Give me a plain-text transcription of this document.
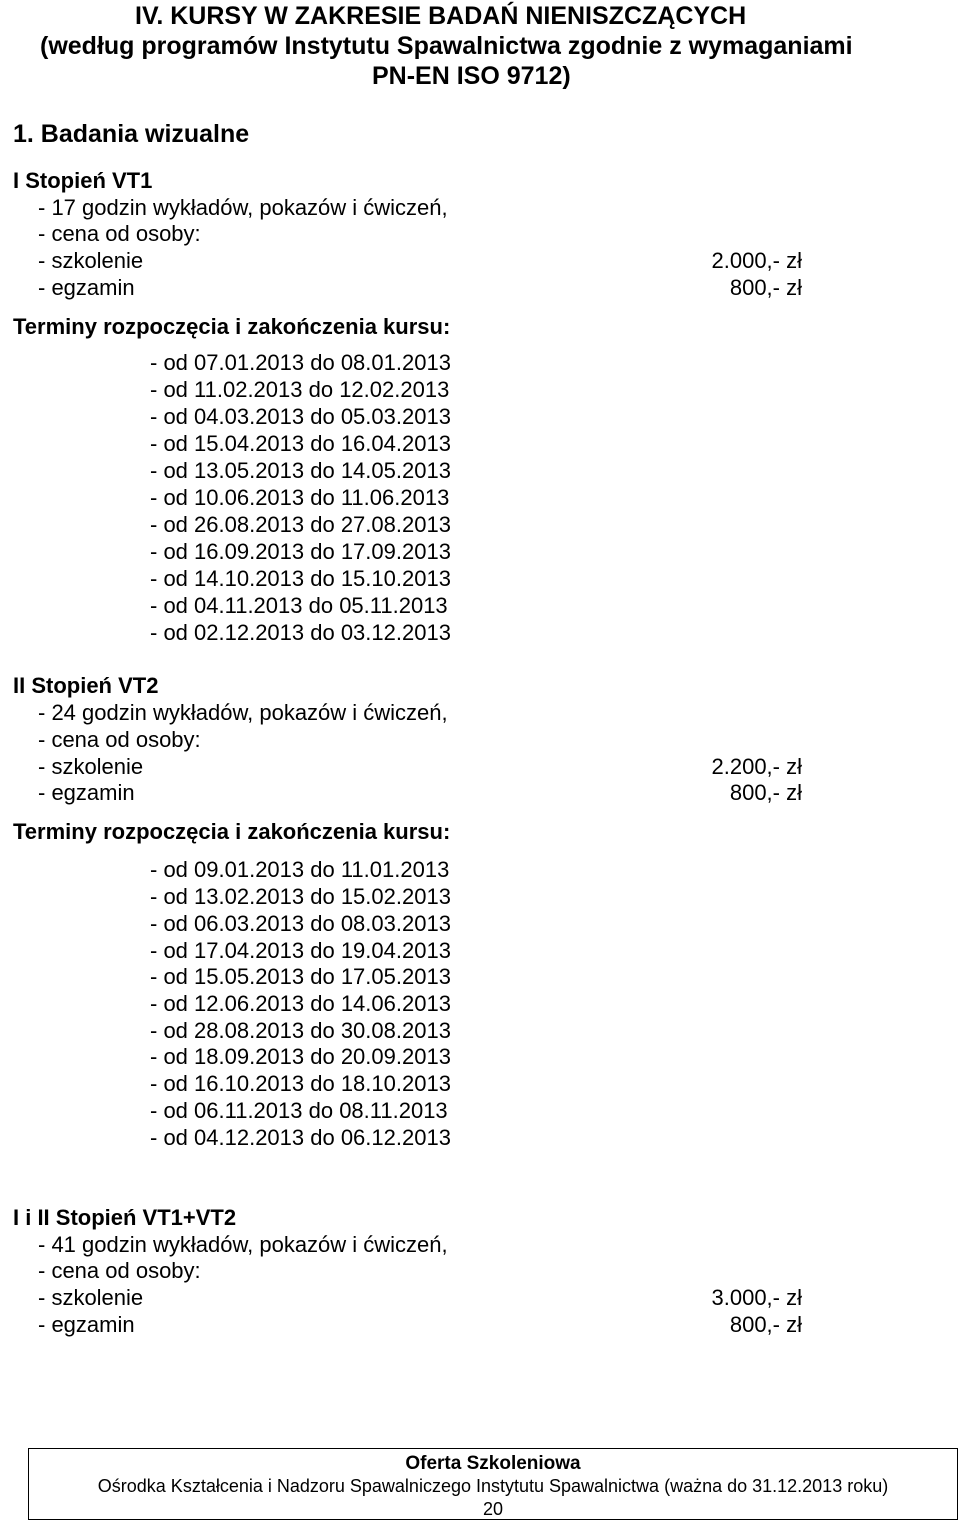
IV. KURSY W ZAKRESIE BADAŃ NIENISZCZĄCYCH
(według programów Instytutu Spawalnictwa zgodnie z wymaganiami
PN-EN ISO 9712)
1. Badania wizualne
I Stopień VT1
- 17 godzin wykładów, pokazów i ćwiczeń,
- cena od osoby:
- szkolenie	2.000,- zł
- egzamin	800,- zł
Terminy rozpoczęcia i zakończenia kursu:
- od 07.01.2013 do 08.01.2013
- od 11.02.2013 do 12.02.2013
- od 04.03.2013 do 05.03.2013
- od 15.04.2013 do 16.04.2013
- od 13.05.2013 do 14.05.2013
- od 10.06.2013 do 11.06.2013
- od 26.08.2013 do 27.08.2013
- od 16.09.2013 do 17.09.2013
- od 14.10.2013 do 15.10.2013
- od 04.11.2013 do 05.11.2013
- od 02.12.2013 do 03.12.2013
II Stopień VT2
- 24 godzin wykładów, pokazów i ćwiczeń,
- cena od osoby:
- szkolenie	2.200,- zł
- egzamin	800,- zł
Terminy rozpoczęcia i zakończenia kursu:
- od 09.01.2013 do 11.01.2013
- od 13.02.2013 do 15.02.2013
- od 06.03.2013 do 08.03.2013
- od 17.04.2013 do 19.04.2013
- od 15.05.2013 do 17.05.2013
- od 12.06.2013 do 14.06.2013
- od 28.08.2013 do 30.08.2013
- od 18.09.2013 do 20.09.2013
- od 16.10.2013 do 18.10.2013
- od 06.11.2013 do 08.11.2013
- od 04.12.2013 do 06.12.2013
I i II Stopień VT1+VT2
- 41 godzin wykładów, pokazów i ćwiczeń,
- cena od osoby:
- szkolenie	3.000,- zł
- egzamin	800,- zł
Oferta Szkoleniowa
Ośrodka Kształcenia i Nadzoru Spawalniczego Instytutu Spawalnictwa (ważna do 31.12.2013 roku)
20
